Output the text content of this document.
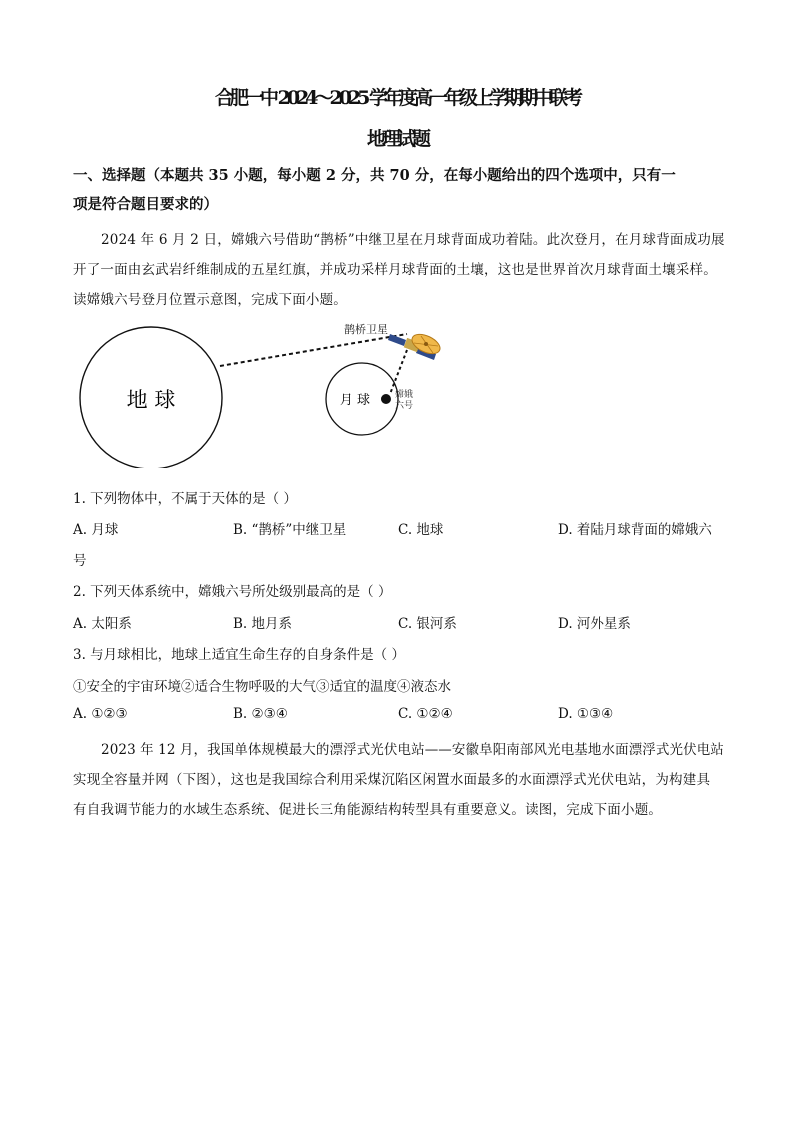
合肥一中 2024～2025 学年度高一年级上学期期中联考
地理试题
一、选择题（本题共 35 小题，每小题 2 分，共 70 分，在每小题给出的四个选项中，只有一
项是符合题目要求的）
2024 年 6 月 2 日，嫦娥六号借助“鹊桥”中继卫星在月球背面成功着陆。此次登月，在月球背面成功展
开了一面由玄武岩纤维制成的五星红旗，并成功采样月球背面的土壤，这也是世界首次月球背面土壤采样。
读嫦娥六号登月位置示意图，完成下面小题。
地 球	月 球	嫦娥
六号
鹊桥卫星
1. 下列物体中，不属于天体的是（ ）
A. 月球	B. “鹊桥”中继卫星	C. 地球	D. 着陆月球背面的嫦娥六
号
2. 下列天体系统中，嫦娥六号所处级别最高的是（ ）
A. 太阳系	B. 地月系	C. 银河系	D. 河外星系
3. 与月球相比，地球上适宜生命生存的自身条件是（ ）
①安全的宇宙环境②适合生物呼吸的大气③适宜的温度④液态水
A. ①②③	B. ②③④	C. ①②④	D. ①③④
2023 年 12 月，我国单体规模最大的漂浮式光伏电站——安徽阜阳南部风光电基地水面漂浮式光伏电站
实现全容量并网（下图），这也是我国综合利用采煤沉陷区闲置水面最多的水面漂浮式光伏电站，为构建具
有自我调节能力的水域生态系统、促进长三角能源结构转型具有重要意义。读图，完成下面小题。
